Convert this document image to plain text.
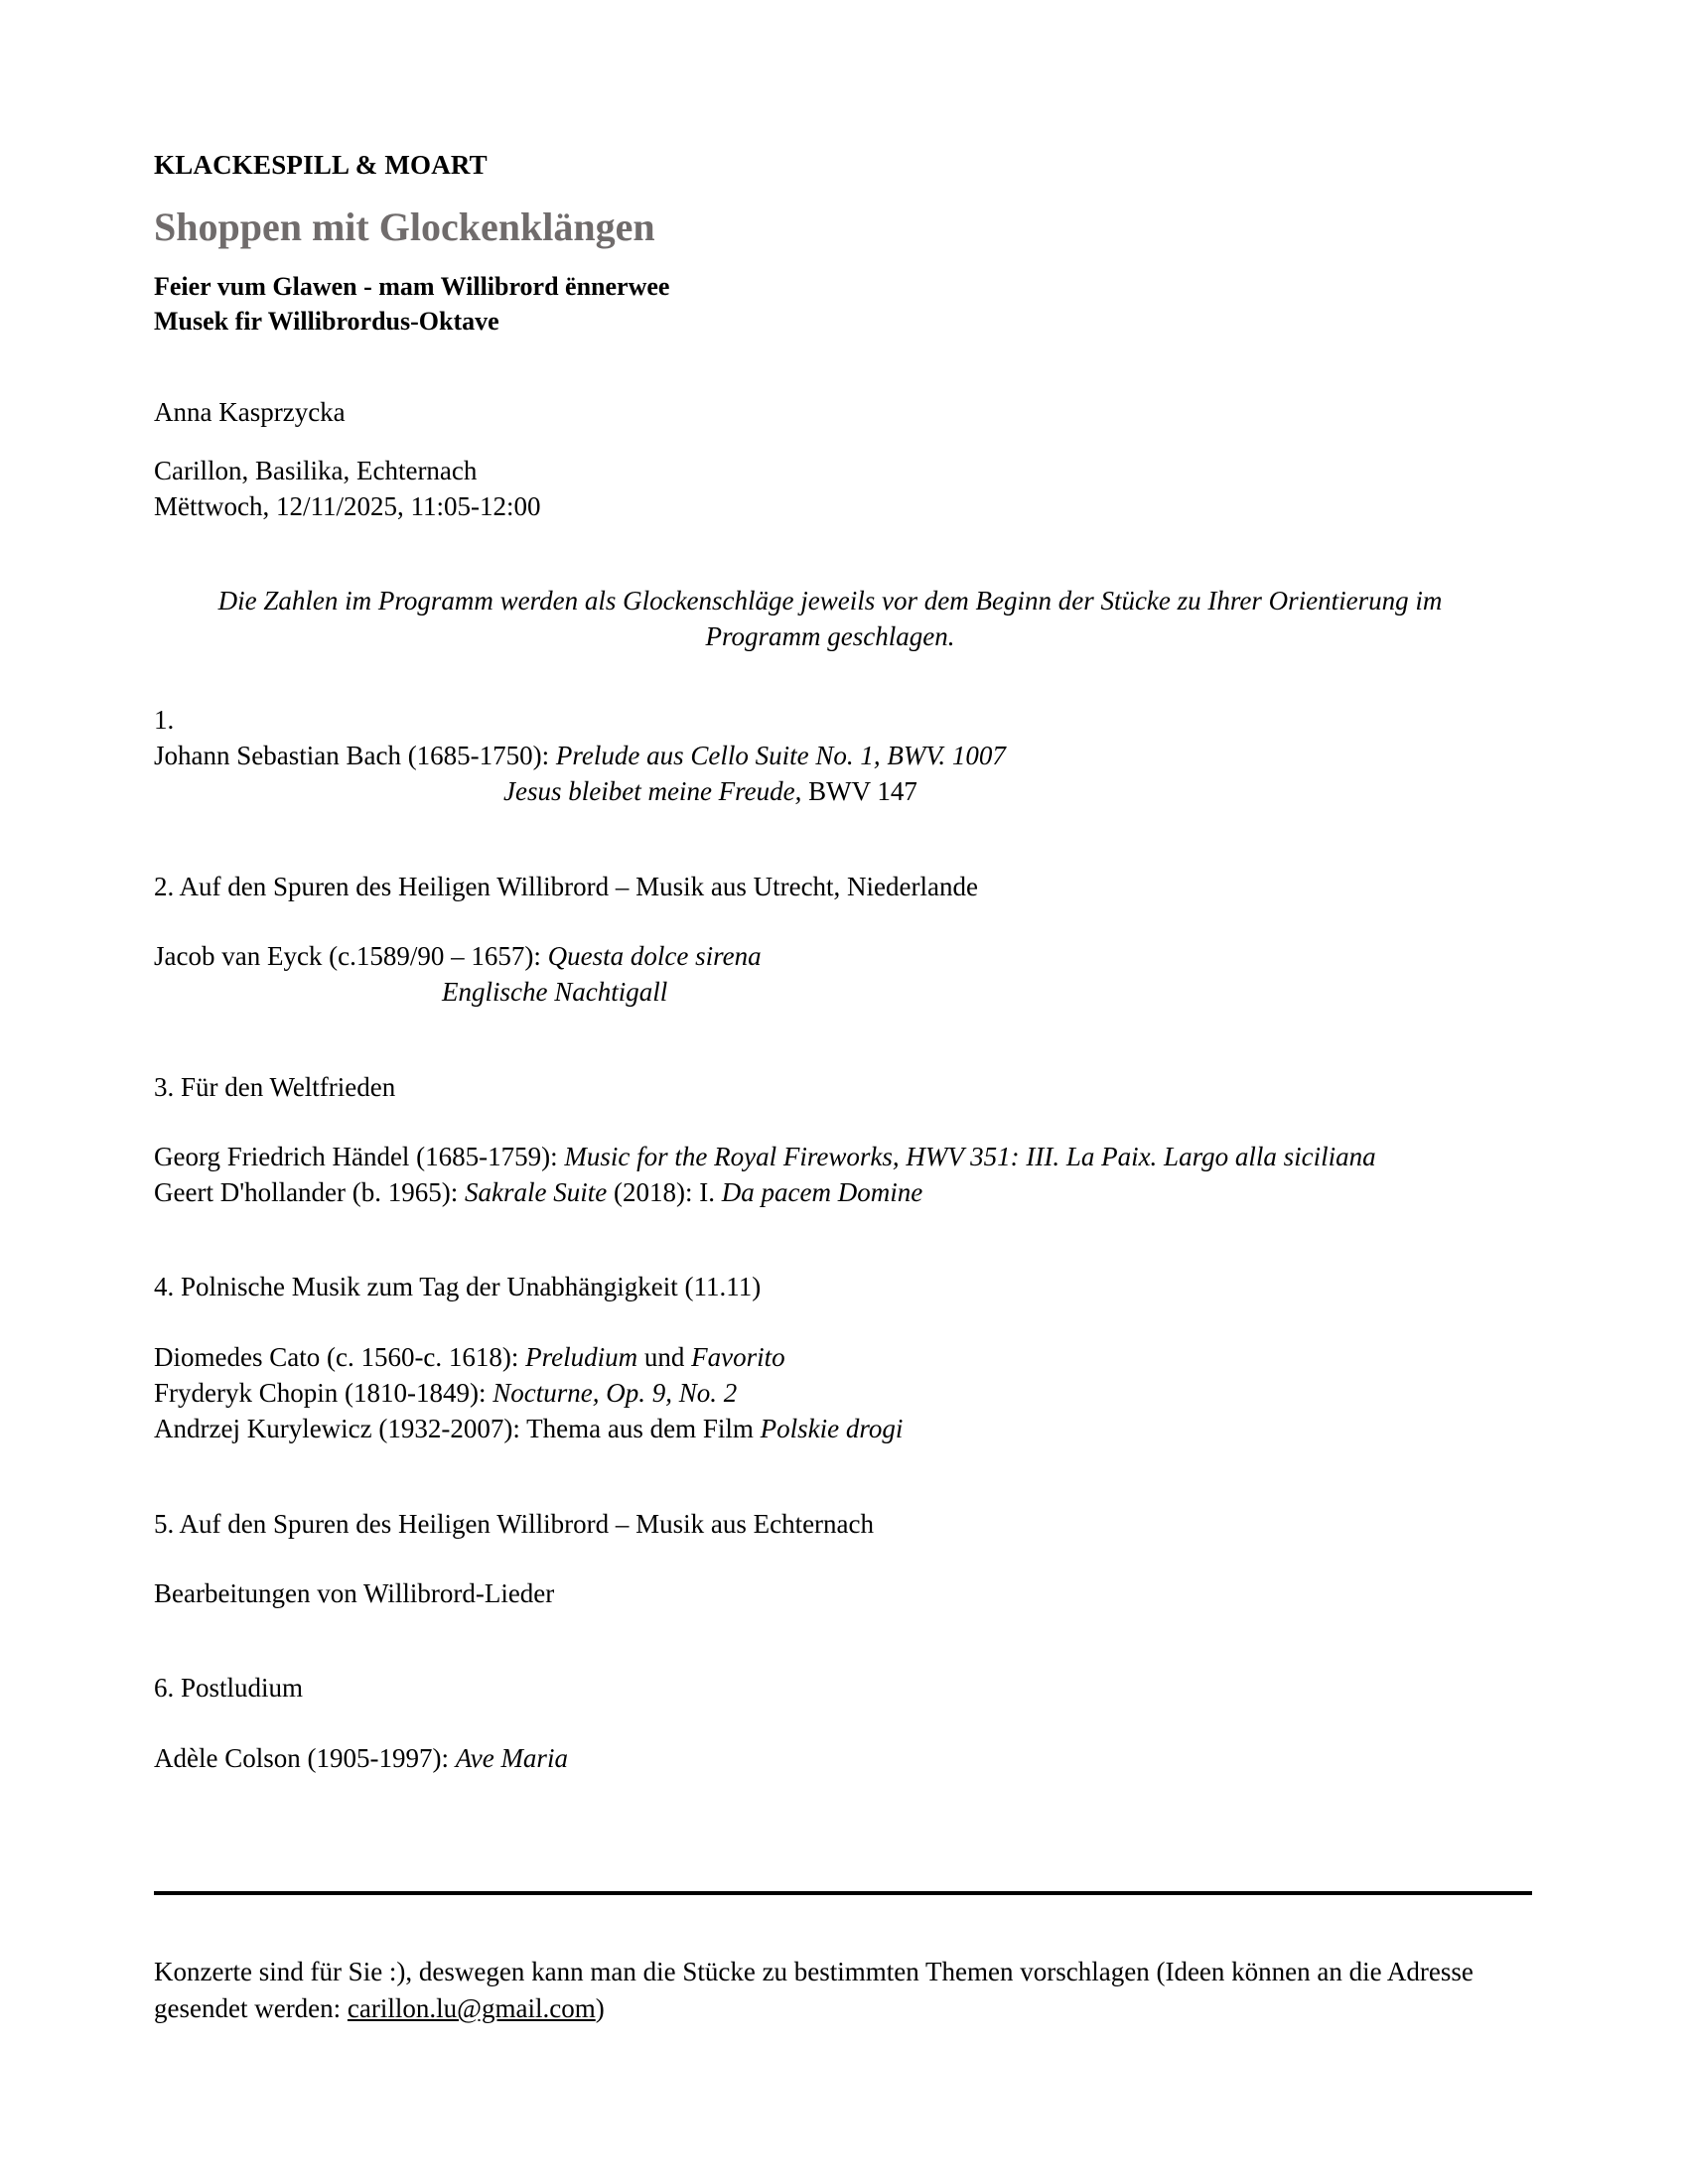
KLACKESPILL & MOART
Shoppen mit Glockenklängen
Feier vum Glawen - mam Willibrord ënnerwee
Musek fir Willibrordus-Oktave
Anna Kasprzycka
Carillon, Basilika, Echternach
Mëttwoch, 12/11/2025, 11:05-12:00
Die Zahlen im Programm werden als Glockenschläge jeweils vor dem Beginn der Stücke zu Ihrer Orientierung im Programm geschlagen.
1.
Johann Sebastian Bach (1685-1750): Prelude aus Cello Suite No. 1, BWV. 1007
Jesus bleibet meine Freude, BWV 147
2. Auf den Spuren des Heiligen Willibrord – Musik aus Utrecht, Niederlande
Jacob van Eyck (c.1589/90 – 1657): Questa dolce sirena
Englische Nachtigall
3. Für den Weltfrieden
Georg Friedrich Händel (1685-1759): Music for the Royal Fireworks, HWV 351: III. La Paix. Largo alla siciliana
Geert D'hollander (b. 1965): Sakrale Suite (2018): I. Da pacem Domine
4. Polnische Musik zum Tag der Unabhängigkeit (11.11)
Diomedes Cato (c. 1560-c. 1618): Preludium und Favorito
Fryderyk Chopin (1810-1849): Nocturne, Op. 9, No. 2
Andrzej Kurylewicz (1932-2007): Thema aus dem Film Polskie drogi
5. Auf den Spuren des Heiligen Willibrord – Musik aus Echternach
Bearbeitungen von Willibrord-Lieder
6. Postludium
Adèle Colson (1905-1997): Ave Maria
Konzerte sind für Sie :), deswegen kann man die Stücke zu bestimmten Themen vorschlagen (Ideen können an die Adresse gesendet werden: carillon.lu@gmail.com)
